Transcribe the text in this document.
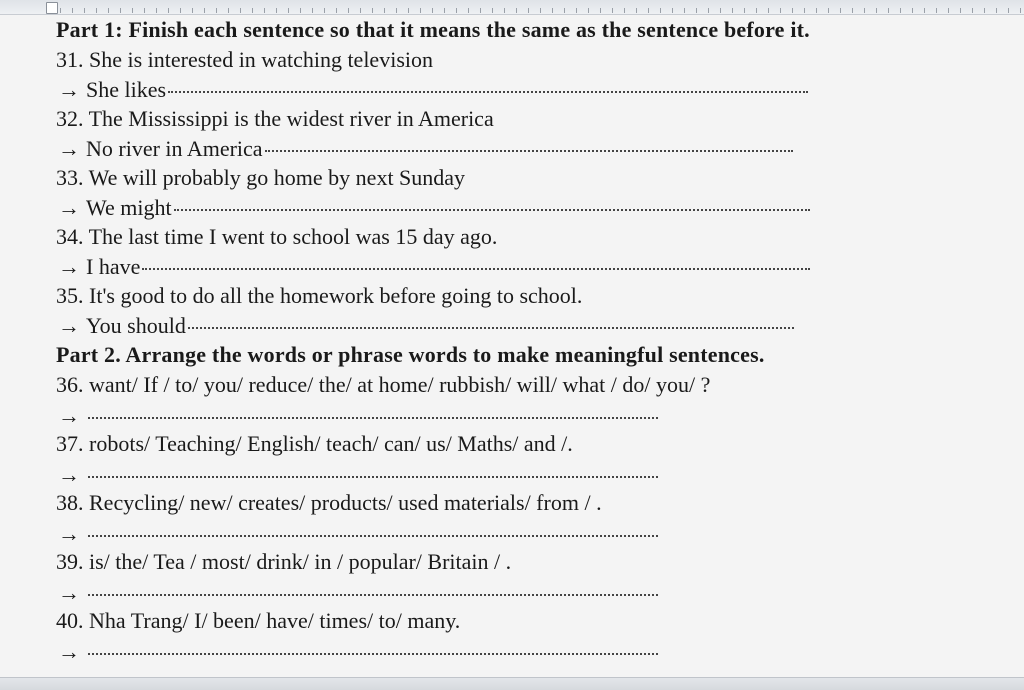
Part 1: Finish each sentence so that it means the same as the sentence before it.
31. She is interested in watching television
→ She likes
32. The Mississippi is the widest river in America
→ No river in America
33. We will probably go home by next Sunday
→ We might
34. The last time I went to school was 15 day ago.
→ I have
35. It's good to do all the homework before going to school.
→ You should
Part 2. Arrange the words or phrase words to make meaningful sentences.
36. want/ If / to/ you/ reduce/ the/ at home/ rubbish/ will/ what / do/ you/ ?
→
37. robots/ Teaching/ English/ teach/ can/ us/ Maths/ and /.
→
38. Recycling/ new/ creates/ products/ used materials/ from / .
→
39. is/ the/ Tea / most/ drink/ in / popular/ Britain / .
→
40. Nha Trang/ I/ been/ have/ times/ to/ many.
→
